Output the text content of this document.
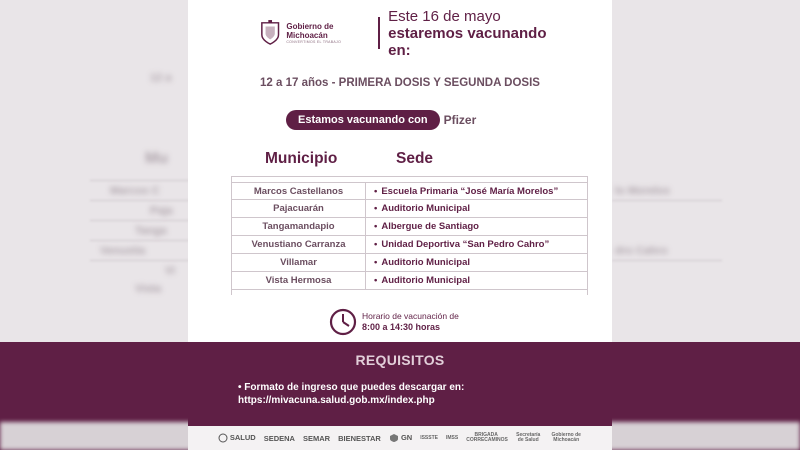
12 a
Mu
Marcos C
Paja
Tanga
Venustia
Vi
Vista
lo Morelos
dro Cahro
Gobierno de Michoacán
CONVERTIMOS EL TRABAJO
Este 16 de mayo
estaremos vacunando en:
12 a 17 años - PRIMERA DOSIS Y SEGUNDA DOSIS
Estamos vacunando con	Pfizer
Municipio	Sede
Marcos Castellanos	• Escuela Primaria “José María Morelos”
Pajacuarán	• Auditorio Municipal
Tangamandapio	• Albergue de Santiago
Venustiano Carranza	• Unidad Deportiva “San Pedro Cahro”
Villamar	• Auditorio Municipal
Vista Hermosa	• Auditorio Municipal
Horario de vacunación de
8:00 a 14:30 horas
REQUISITOS
• Formato de ingreso que puedes descargar en:
https://mivacuna.salud.gob.mx/index.php
SALUD SEDENA SEMAR BIENESTAR	GN ISSSTE IMSS	BRIGADA CORRECAMINOS
Secretaría de Salud
Gobierno de Michoacán
